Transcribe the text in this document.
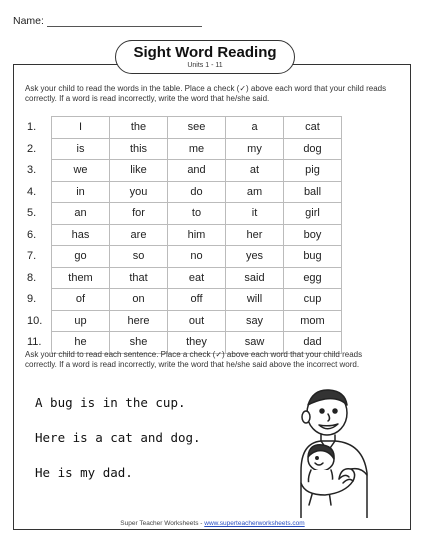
Name:
Sight Word Reading
Units 1 - 11
Ask your child to read the words in the table. Place a check (✓) above each word that your child reads correctly. If a word is read incorrectly, write the word that he/she said.
1.	I	the	see	a	cat
2.	is	this	me	my	dog
3.	we	like	and	at	pig
4.	in	you	do	am	ball
5.	an	for	to	it	girl
6.	has	are	him	her	boy
7.	go	so	no	yes	bug
8.	them	that	eat	said	egg
9.	of	on	off	will	cup
10.	up	here	out	say	mom
11.	he	she	they	saw	dad
Ask your child to read each sentence. Place a check (✓) above each word that your child reads correctly. If a word is read incorrectly, write the word that he/she said above the incorrect word.
A bug is in the cup.
Here is a cat and dog.
He is my dad.
Super Teacher Worksheets - www.superteacherworksheets.com
